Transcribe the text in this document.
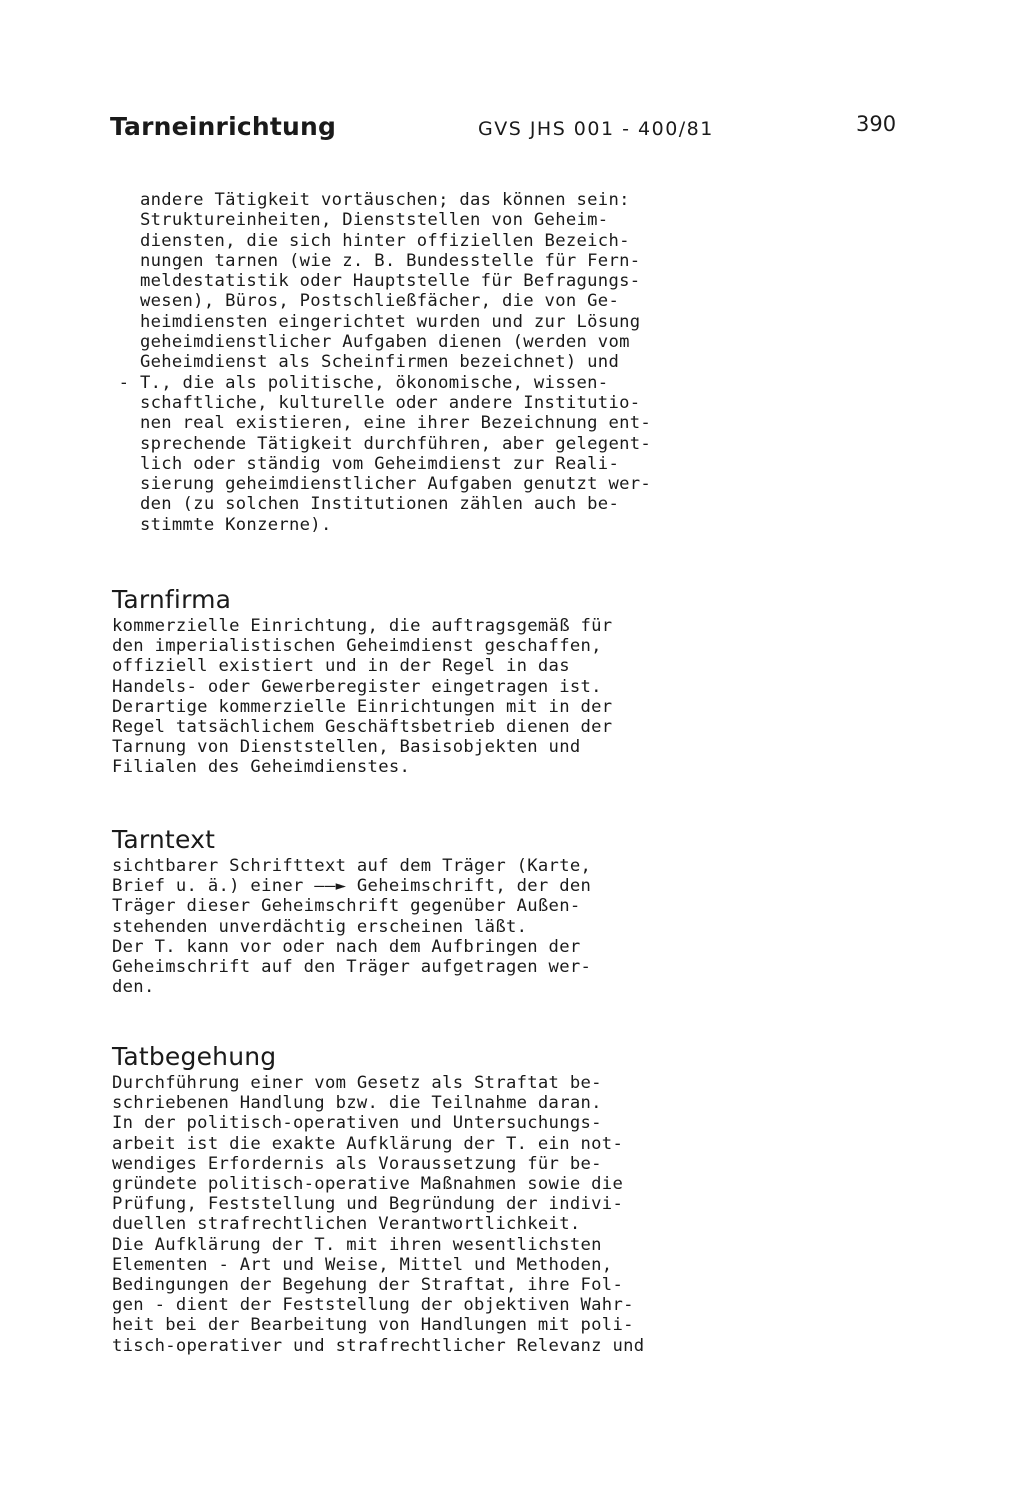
Tarneinrichtung	GVS JHS 001 - 400/81	390
andere Tätigkeit vortäuschen; das können sein:
Struktureinheiten, Dienststellen von Geheim-
diensten, die sich hinter offiziellen Bezeich-
nungen tarnen (wie z. B. Bundesstelle für Fern-
meldestatistik oder Hauptstelle für Befragungs-
wesen), Büros, Postschließfächer, die von Ge-
heimdiensten eingerichtet wurden und zur Lösung
geheimdienstlicher Aufgaben dienen (werden vom
Geheimdienst als Scheinfirmen bezeichnet) und
- T., die als politische, ökonomische, wissen-
schaftliche, kulturelle oder andere Institutio-
nen real existieren, eine ihrer Bezeichnung ent-
sprechende Tätigkeit durchführen, aber gelegent-
lich oder ständig vom Geheimdienst zur Reali-
sierung geheimdienstlicher Aufgaben genutzt wer-
den (zu solchen Institutionen zählen auch be-
stimmte Konzerne).
Tarnfirma
kommerzielle Einrichtung, die auftragsgemäß für
den imperialistischen Geheimdienst geschaffen,
offiziell existiert und in der Regel in das
Handels- oder Gewerberegister eingetragen ist.
Derartige kommerzielle Einrichtungen mit in der
Regel tatsächlichem Geschäftsbetrieb dienen der
Tarnung von Dienststellen, Basisobjekten und
Filialen des Geheimdienstes.
Tarntext
sichtbarer Schrifttext auf dem Träger (Karte,
Brief u. ä.) einer ——► Geheimschrift, der den
Träger dieser Geheimschrift gegenüber Außen-
stehenden unverdächtig erscheinen läßt.
Der T. kann vor oder nach dem Aufbringen der
Geheimschrift auf den Träger aufgetragen wer-
den.
Tatbegehung
Durchführung einer vom Gesetz als Straftat be-
schriebenen Handlung bzw. die Teilnahme daran.
In der politisch-operativen und Untersuchungs-
arbeit ist die exakte Aufklärung der T. ein not-
wendiges Erfordernis als Voraussetzung für be-
gründete politisch-operative Maßnahmen sowie die
Prüfung, Feststellung und Begründung der indivi-
duellen strafrechtlichen Verantwortlichkeit.
Die Aufklärung der T. mit ihren wesentlichsten
Elementen - Art und Weise, Mittel und Methoden,
Bedingungen der Begehung der Straftat, ihre Fol-
gen - dient der Feststellung der objektiven Wahr-
heit bei der Bearbeitung von Handlungen mit poli-
tisch-operativer und strafrechtlicher Relevanz und
